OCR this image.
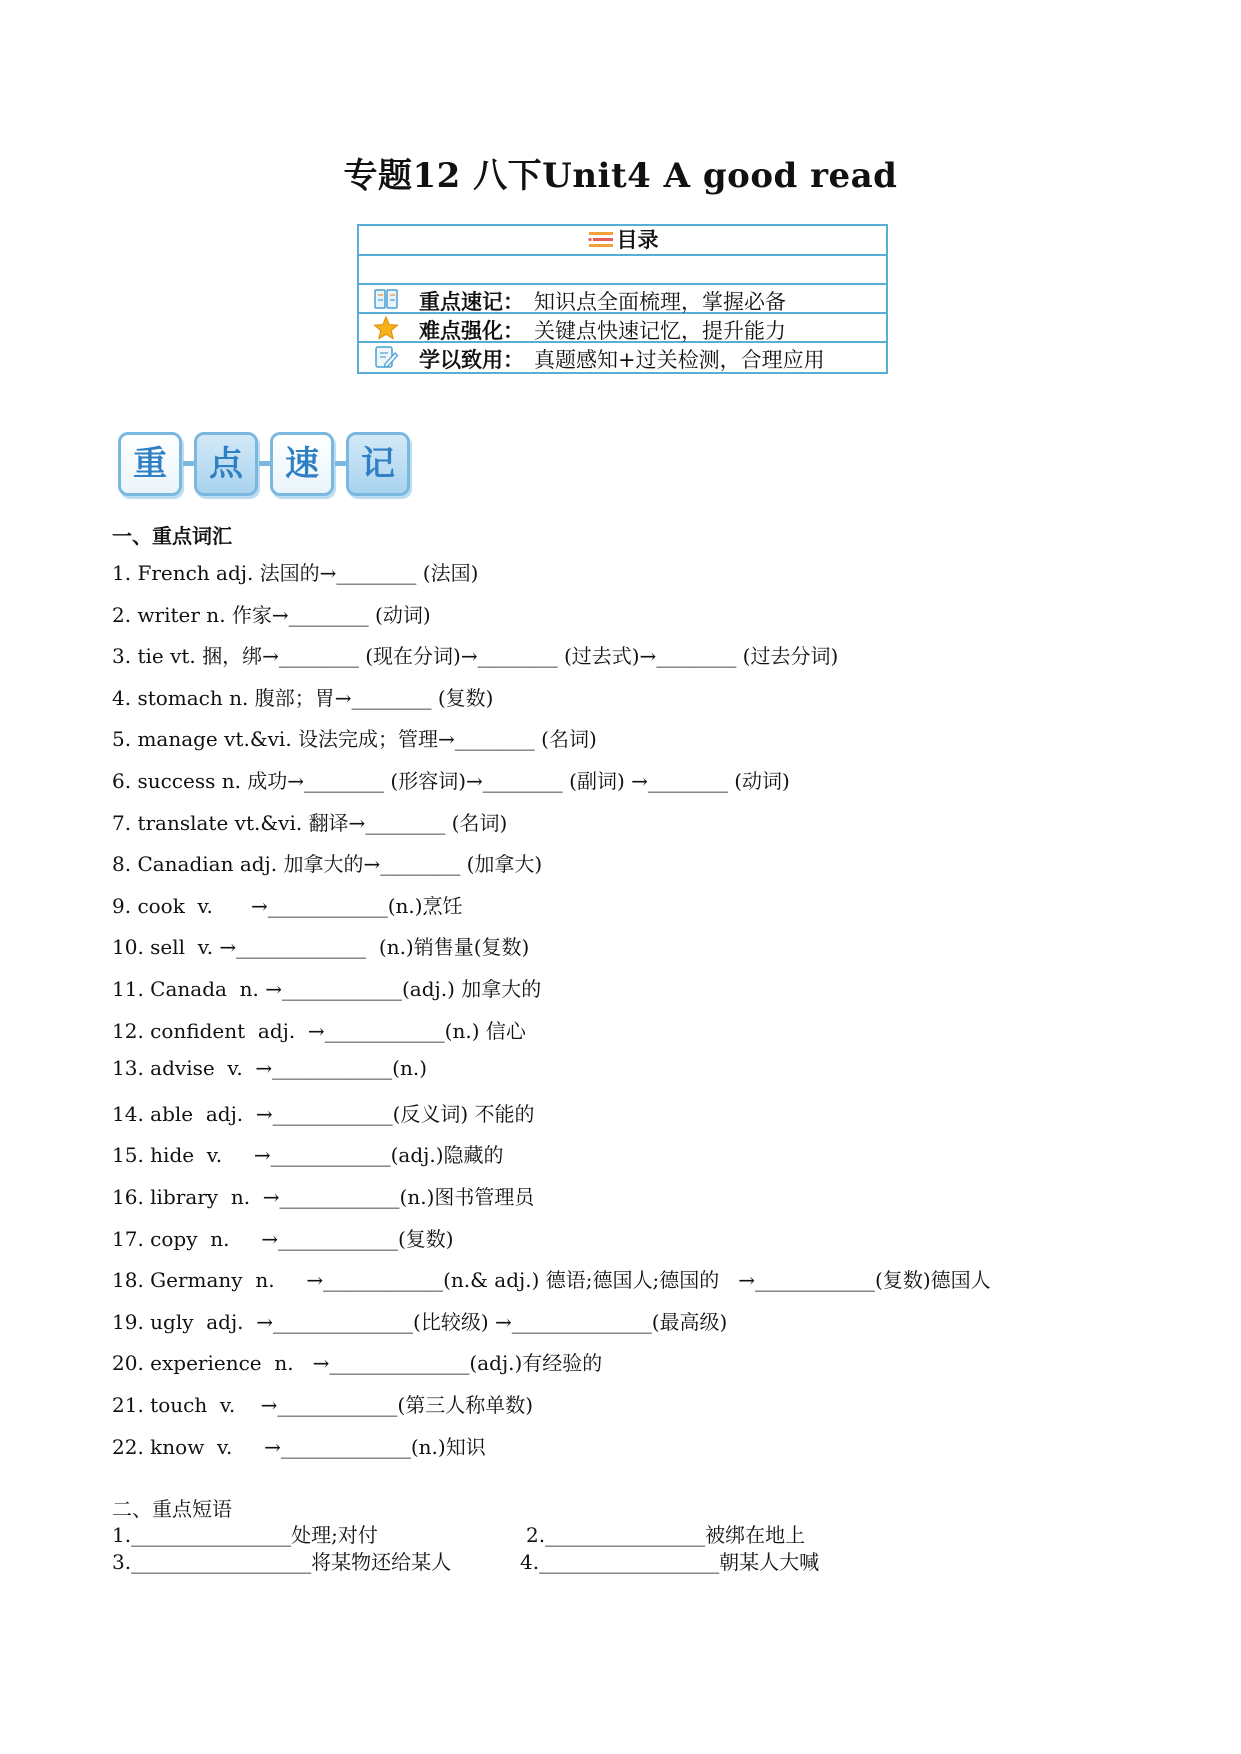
专题12 八下Unit4 A good read
目录
重点速记： 知识点全面梳理，掌握必备
难点强化： 关键点快速记忆，提升能力
学以致用： 真题感知+过关检测，合理应用
重	点	速	记
一、重点词汇
1. French adj. 法国的→________ (法国)
2. writer n. 作家→________ (动词)
3. tie vt. 捆，绑→________ (现在分词)→________ (过去式)→________ (过去分词)
4. stomach n. 腹部；胃→________ (复数)
5. manage vt.&vi. 设法完成；管理→________ (名词)
6. success n. 成功→________ (形容词)→________ (副词) →________ (动词)
7. translate vt.&vi. 翻译→________ (名词)
8. Canadian adj. 加拿大的→________ (加拿大)
9. cook  v.      →____________(n.)烹饪
10. sell  v. →_____________  (n.)销售量(复数)
11. Canada  n. →____________(adj.) 加拿大的
12. confident  adj.  →____________(n.) 信心
13. advise  v.  →____________(n.)
14. able  adj.  →____________(反义词) 不能的
15. hide  v.     →____________(adj.)隐藏的
16. library  n.  →____________(n.)图书管理员
17. copy  n.     →____________(复数)
18. Germany  n.     →____________(n.& adj.) 德语;德国人;德国的   →____________(复数)德国人
19. ugly  adj.  →______________(比较级) →______________(最高级)
20. experience  n.   →______________(adj.)有经验的
21. touch  v.    →____________(第三人称单数)
22. know  v.     →_____________(n.)知识
二、重点短语
1.________________处理;对付	2.________________被绑在地上
3.__________________将某物还给某人	4.__________________朝某人大喊
